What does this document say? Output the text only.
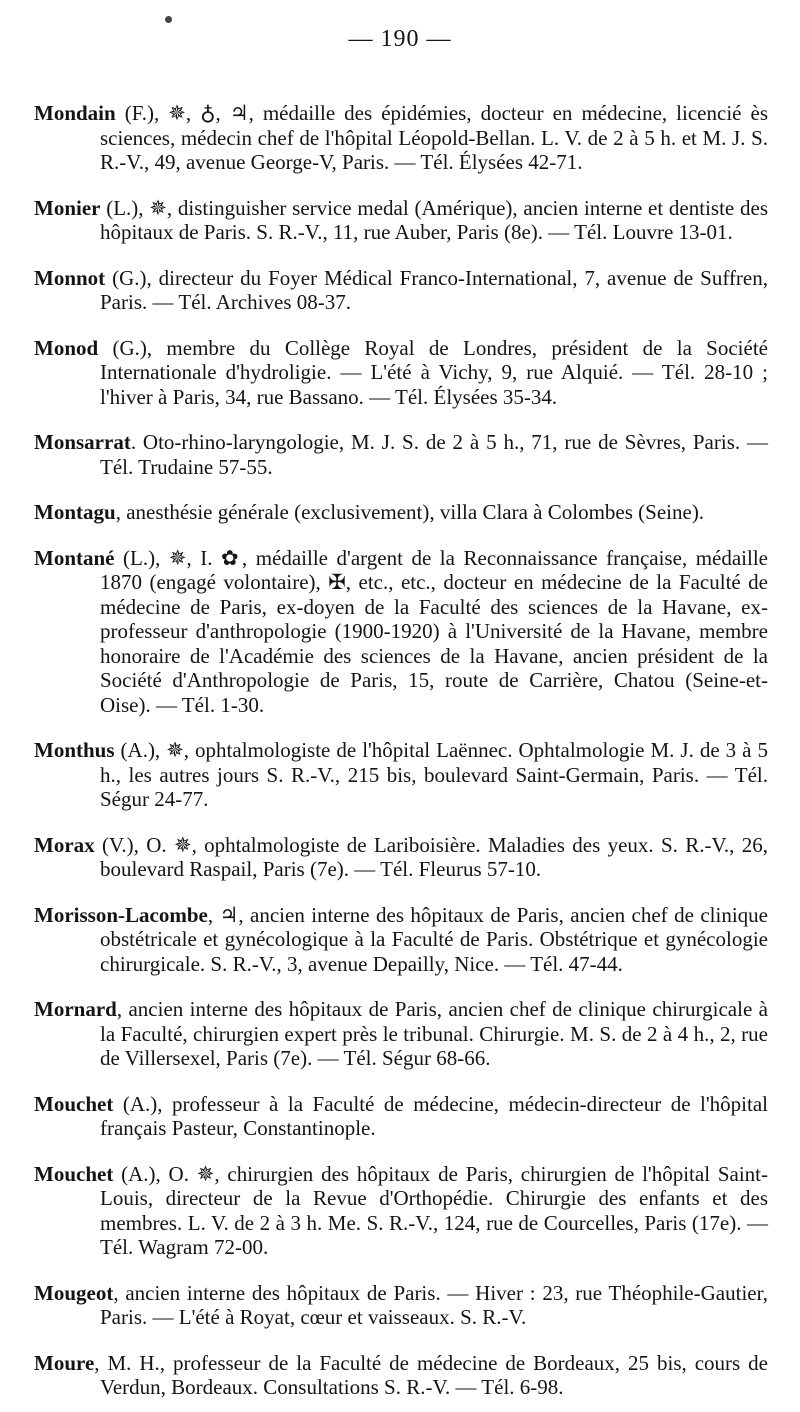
— 190 —

Mondain (F.), ✵, ♁, ♃, médaille des épidémies, docteur en médecine, licencié ès sciences, médecin chef de l'hôpital Léopold-Bellan. L. V. de 2 à 5 h. et M. J. S. R.-V., 49, avenue George-V, Paris. — Tél. Élysées 42-71.

Monier (L.), ✵, distinguisher service medal (Amérique), ancien interne et dentiste des hôpitaux de Paris. S. R.-V., 11, rue Auber, Paris (8e). — Tél. Louvre 13-01.

Monnot (G.), directeur du Foyer Médical Franco-International, 7, avenue de Suffren, Paris. — Tél. Archives 08-37.

Monod (G.), membre du Collège Royal de Londres, président de la Société Internationale d'hydroligie. — L'été à Vichy, 9, rue Alquié. — Tél. 28-10 ; l'hiver à Paris, 34, rue Bassano. — Tél. Élysées 35-34.

Monsarrat. Oto-rhino-laryngologie, M. J. S. de 2 à 5 h., 71, rue de Sèvres, Paris. — Tél. Trudaine 57-55.

Montagu, anesthésie générale (exclusivement), villa Clara à Colombes (Seine).

Montané (L.), ✵, I. ✿, médaille d'argent de la Reconnaissance française, médaille 1870 (engagé volontaire), ✠, etc., etc., docteur en médecine de la Faculté de médecine de Paris, ex-doyen de la Faculté des sciences de la Havane, ex-professeur d'anthropologie (1900-1920) à l'Université de la Havane, membre honoraire de l'Académie des sciences de la Havane, ancien président de la Société d'Anthropologie de Paris, 15, route de Carrière, Chatou (Seine-et-Oise). — Tél. 1-30.

Monthus (A.), ✵, ophtalmologiste de l'hôpital Laënnec. Ophtalmologie M. J. de 3 à 5 h., les autres jours S. R.-V., 215 bis, boulevard Saint-Germain, Paris. — Tél. Ségur 24-77.

Morax (V.), O. ✵, ophtalmologiste de Lariboisière. Maladies des yeux. S. R.-V., 26, boulevard Raspail, Paris (7e). — Tél. Fleurus 57-10.

Morisson-Lacombe, ♃, ancien interne des hôpitaux de Paris, ancien chef de clinique obstétricale et gynécologique à la Faculté de Paris. Obstétrique et gynécologie chirurgicale. S. R.-V., 3, avenue Depailly, Nice. — Tél. 47-44.

Mornard, ancien interne des hôpitaux de Paris, ancien chef de clinique chirurgicale à la Faculté, chirurgien expert près le tribunal. Chirurgie. M. S. de 2 à 4 h., 2, rue de Villersexel, Paris (7e). — Tél. Ségur 68-66.

Mouchet (A.), professeur à la Faculté de médecine, médecin-directeur de l'hôpital français Pasteur, Constantinople.

Mouchet (A.), O. ✵, chirurgien des hôpitaux de Paris, chirurgien de l'hôpital Saint-Louis, directeur de la Revue d'Orthopédie. Chirurgie des enfants et des membres. L. V. de 2 à 3 h. Me. S. R.-V., 124, rue de Courcelles, Paris (17e). — Tél. Wagram 72-00.

Mougeot, ancien interne des hôpitaux de Paris. — Hiver : 23, rue Théophile-Gautier, Paris. — L'été à Royat, cœur et vaisseaux. S. R.-V.

Moure, M. H., professeur de la Faculté de médecine de Bordeaux, 25 bis, cours de Verdun, Bordeaux. Consultations S. R.-V. — Tél. 6-98.
